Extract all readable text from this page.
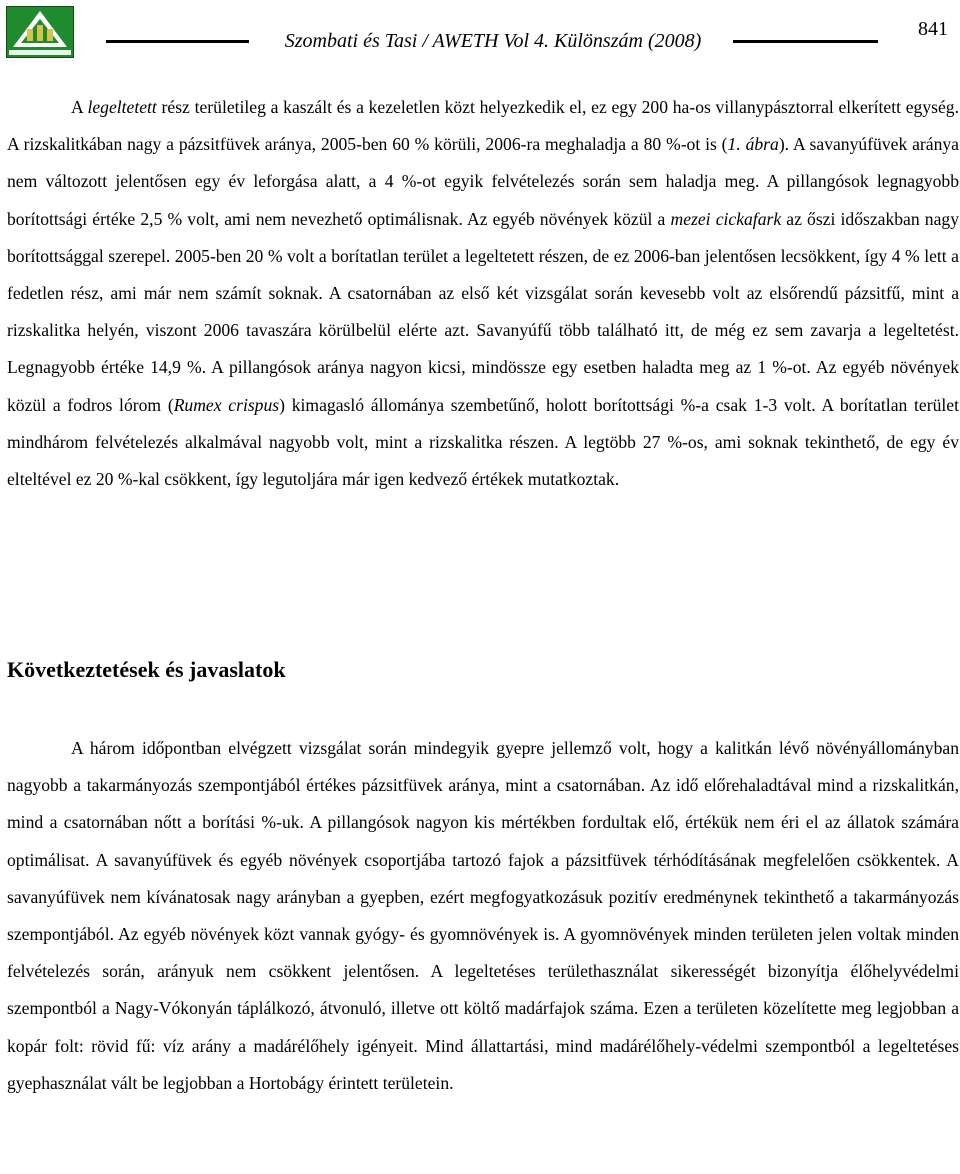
Szombati és Tasi / AWETH Vol 4. Különszám (2008)
841

A legeltetett rész területileg a kaszált és a kezeletlen közt helyezkedik el, ez egy 200 ha-os villanypásztorral elkerített egység. A rizskalitkában nagy a pázsitfüvek aránya, 2005-ben 60 % körüli, 2006-ra meghaladja a 80 %-ot is (1. ábra). A savanyúfüvek aránya nem változott jelentősen egy év leforgása alatt, a 4 %-ot egyik felvételezés során sem haladja meg. A pillangósok legnagyobb borítottsági értéke 2,5 % volt, ami nem nevezhető optimálisnak. Az egyéb növények közül a mezei cickafark az őszi időszakban nagy borítottsággal szerepel. 2005-ben 20 % volt a borítatlan terület a legeltetett részen, de ez 2006-ban jelentősen lecsökkent, így 4 % lett a fedetlen rész, ami már nem számít soknak. A csatornában az első két vizsgálat során kevesebb volt az elsőrendű pázsitfű, mint a rizskalitka helyén, viszont 2006 tavaszára körülbelül elérte azt. Savanyúfű több található itt, de még ez sem zavarja a legeltetést. Legnagyobb értéke 14,9 %. A pillangósok aránya nagyon kicsi, mindössze egy esetben haladta meg az 1 %-ot. Az egyéb növények közül a fodros lórom (Rumex crispus) kimagasló állománya szembetűnő, holott borítottsági %-a csak 1-3 volt. A borítatlan terület mindhárom felvételezés alkalmával nagyobb volt, mint a rizskalitka részen. A legtöbb 27 %-os, ami soknak tekinthető, de egy év elteltével ez 20 %-kal csökkent, így legutoljára már igen kedvező értékek mutatkoztak.

Következtetések és javaslatok

A három időpontban elvégzett vizsgálat során mindegyik gyepre jellemző volt, hogy a kalitkán lévő növényállományban nagyobb a takarmányozás szempontjából értékes pázsitfüvek aránya, mint a csatornában. Az idő előrehaladtával mind a rizskalitkán, mind a csatornában nőtt a borítási %-uk. A pillangósok nagyon kis mértékben fordultak elő, értékük nem éri el az állatok számára optimálisat. A savanyúfüvek és egyéb növények csoportjába tartozó fajok a pázsitfüvek térhódításának megfelelően csökkentek. A savanyúfüvek nem kívánatosak nagy arányban a gyepben, ezért megfogyatkozásuk pozitív eredménynek tekinthető a takarmányozás szempontjából. Az egyéb növények közt vannak gyógy- és gyomnövények is. A gyomnövények minden területen jelen voltak minden felvételezés során, arányuk nem csökkent jelentősen. A legeltetéses területhasználat sikerességét bizonyítja élőhelyvédelmi szempontból a Nagy-Vókonyán táplálkozó, átvonuló, illetve ott költő madárfajok száma. Ezen a területen közelítette meg legjobban a kopár folt: rövid fű: víz arány a madárélőhely igényeit. Mind állattartási, mind madárélőhely-védelmi szempontból a legeltetéses gyephasználat vált be legjobban a Hortobágy érintett területein.
